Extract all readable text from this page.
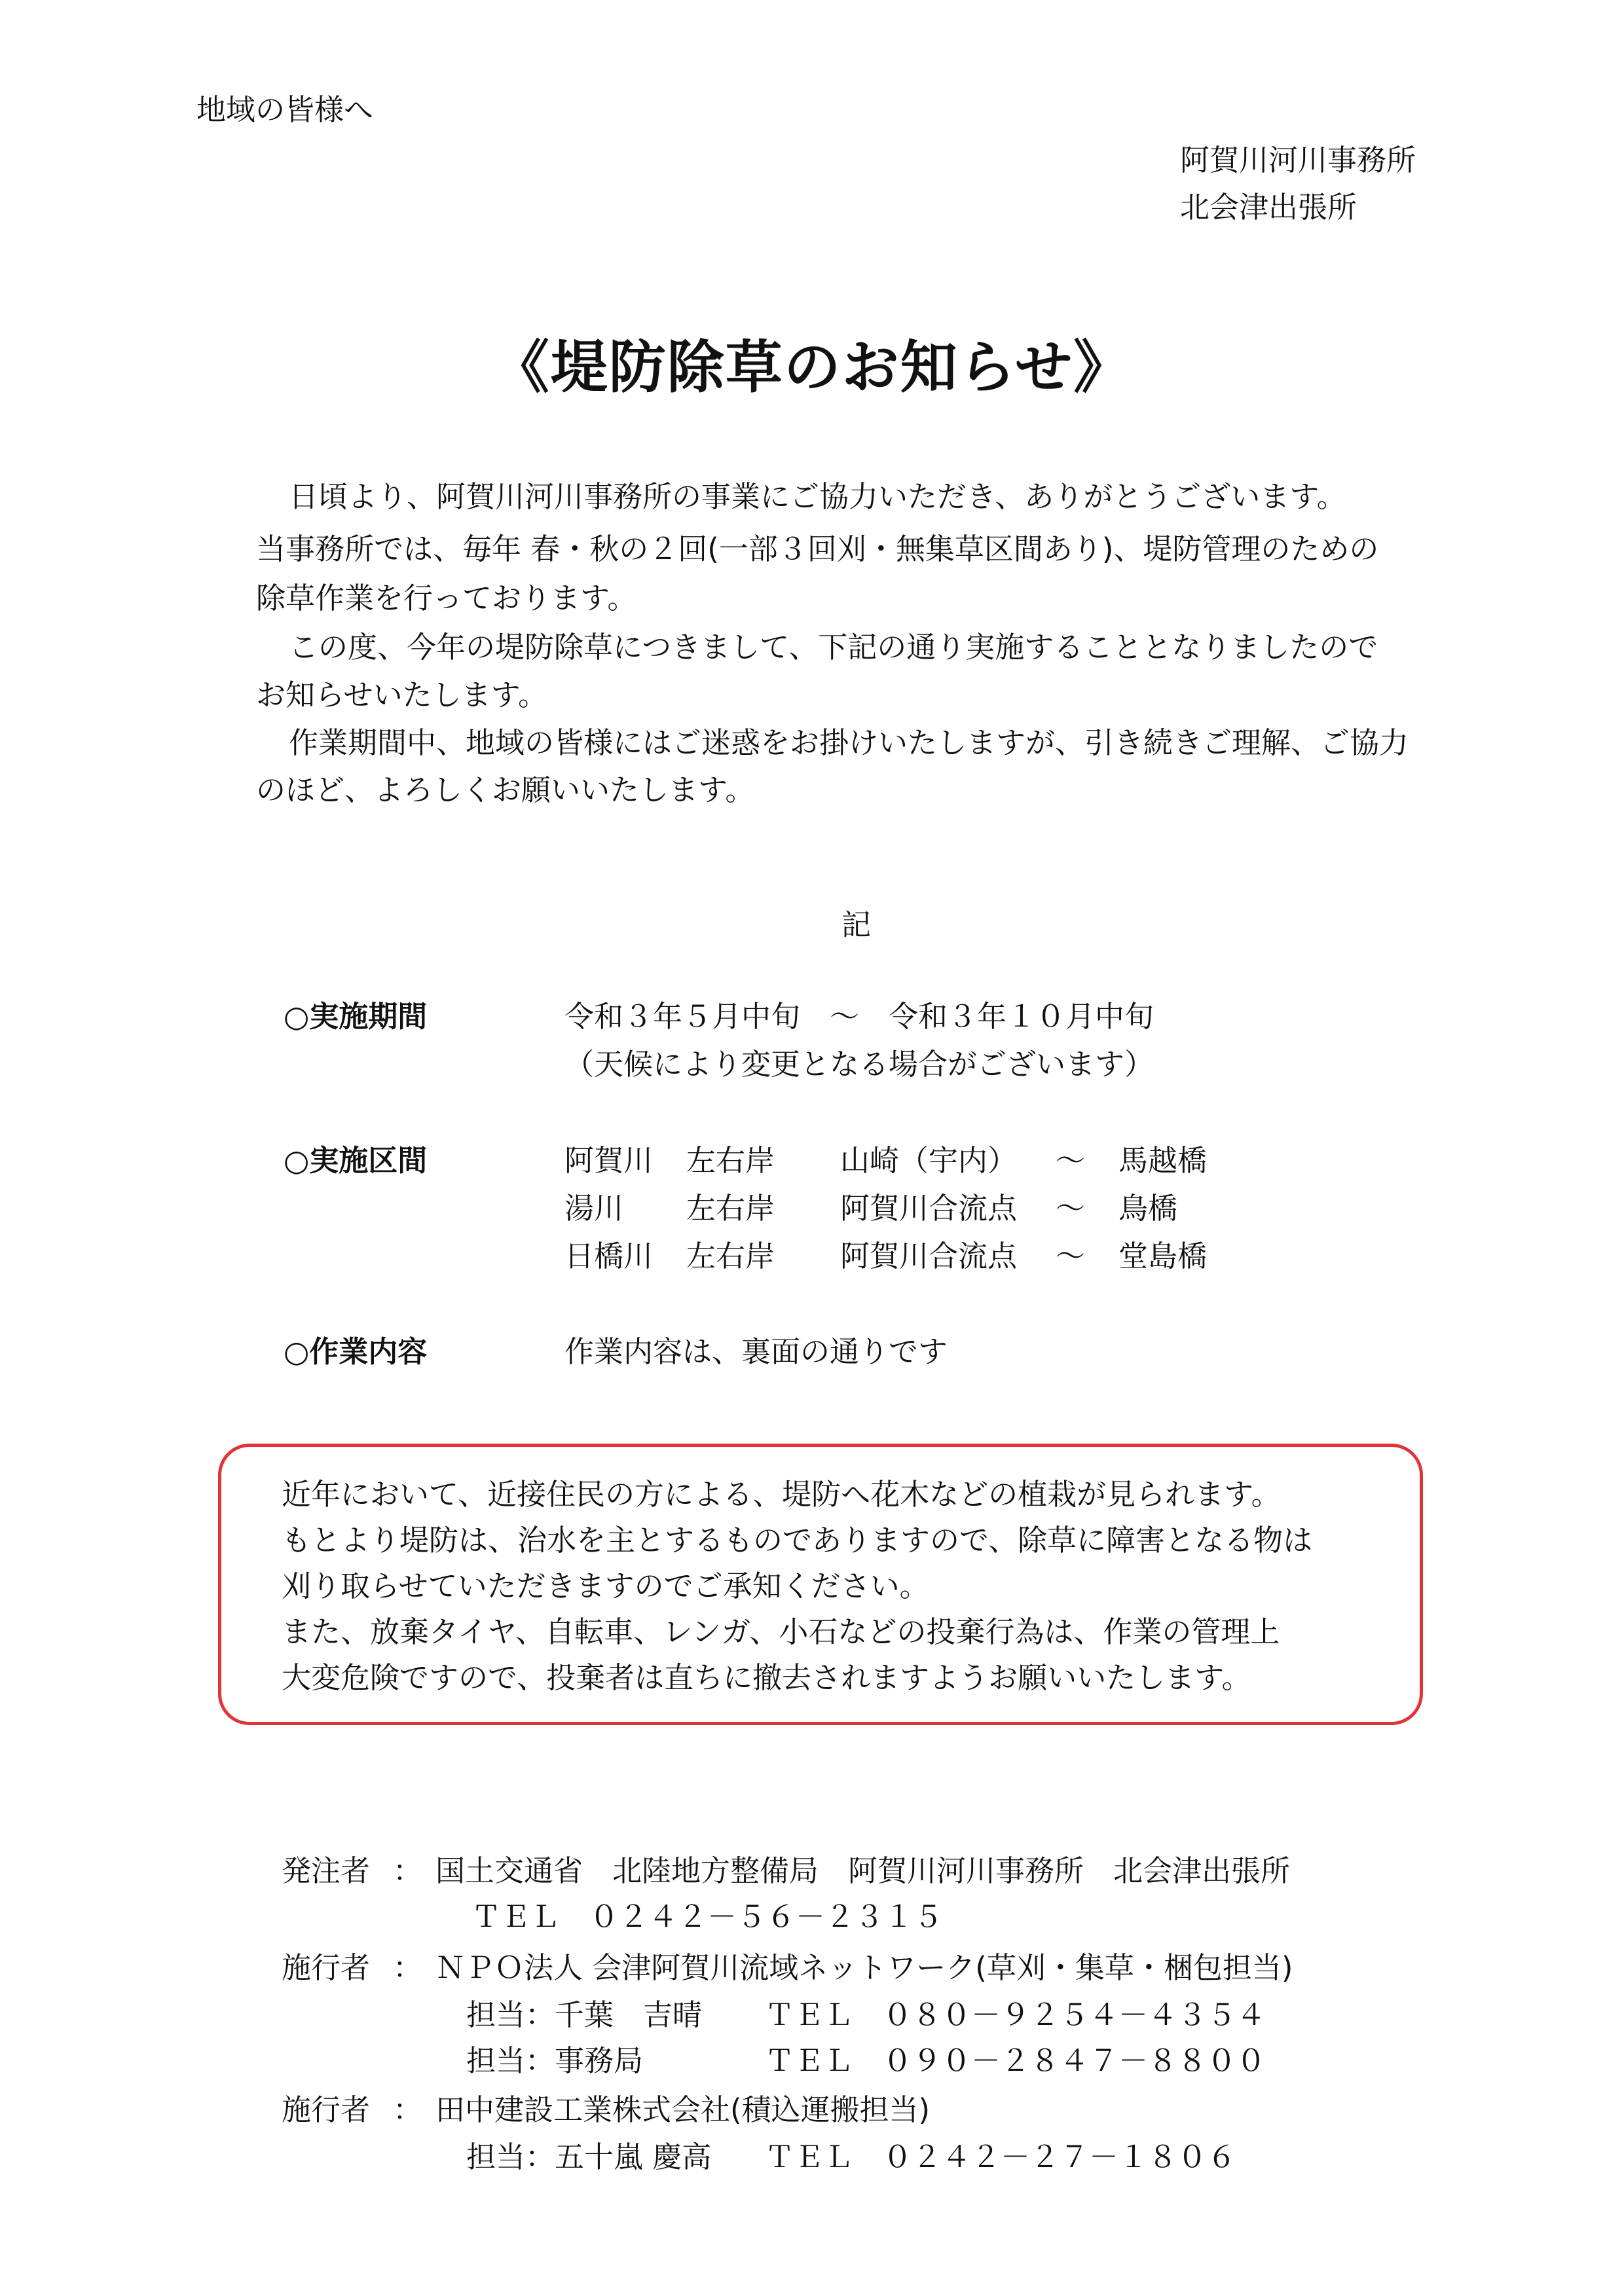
地域の皆様へ
阿賀川河川事務所
北会津出張所
《堤防除草のお知らせ》
日頃より、阿賀川河川事務所の事業にご協力いただき、ありがとうございます。
当事務所では、毎年 春・秋の２回(一部３回刈・無集草区間あり)、堤防管理のための
除草作業を行っております。
この度、今年の堤防除草につきまして、下記の通り実施することとなりましたので
お知らせいたします。
作業期間中、地域の皆様にはご迷惑をお掛けいたしますが、引き続きご理解、ご協力
のほど、よろしくお願いいたします。
記
○実施期間	令和３年５月中旬　～　令和３年１０月中旬
（天候により変更となる場合がございます）
○実施区間	阿賀川 左右岸 山崎（宇内） ～ 馬越橋
湯川 左右岸 阿賀川合流点 ～ 鳥橋
日橋川 左右岸 阿賀川合流点 ～ 堂島橋
○作業内容	作業内容は、裏面の通りです
近年において、近接住民の方による、堤防へ花木などの植栽が見られます。
もとより堤防は、治水を主とするものでありますので、除草に障害となる物は
刈り取らせていただきますのでご承知ください。
また、放棄タイヤ、自転車、レンガ、小石などの投棄行為は、作業の管理上
大変危険ですので、投棄者は直ちに撤去されますようお願いいたします。
発注者 ： 国土交通省　北陸地方整備局　阿賀川河川事務所　北会津出張所
ＴＥＬ　０２４２－５６－２３１５
施行者 ： ＮＰＯ法人 会津阿賀川流域ネットワーク(草刈・集草・梱包担当)
担当：千葉　吉晴 ＴＥＬ　０８０－９２５４－４３５４
担当：事務局	ＴＥＬ　０９０－２８４７－８８００
施行者 ： 田中建設工業株式会社(積込運搬担当)
担当：五十嵐 慶高 ＴＥＬ　０２４２－２７－１８０６
